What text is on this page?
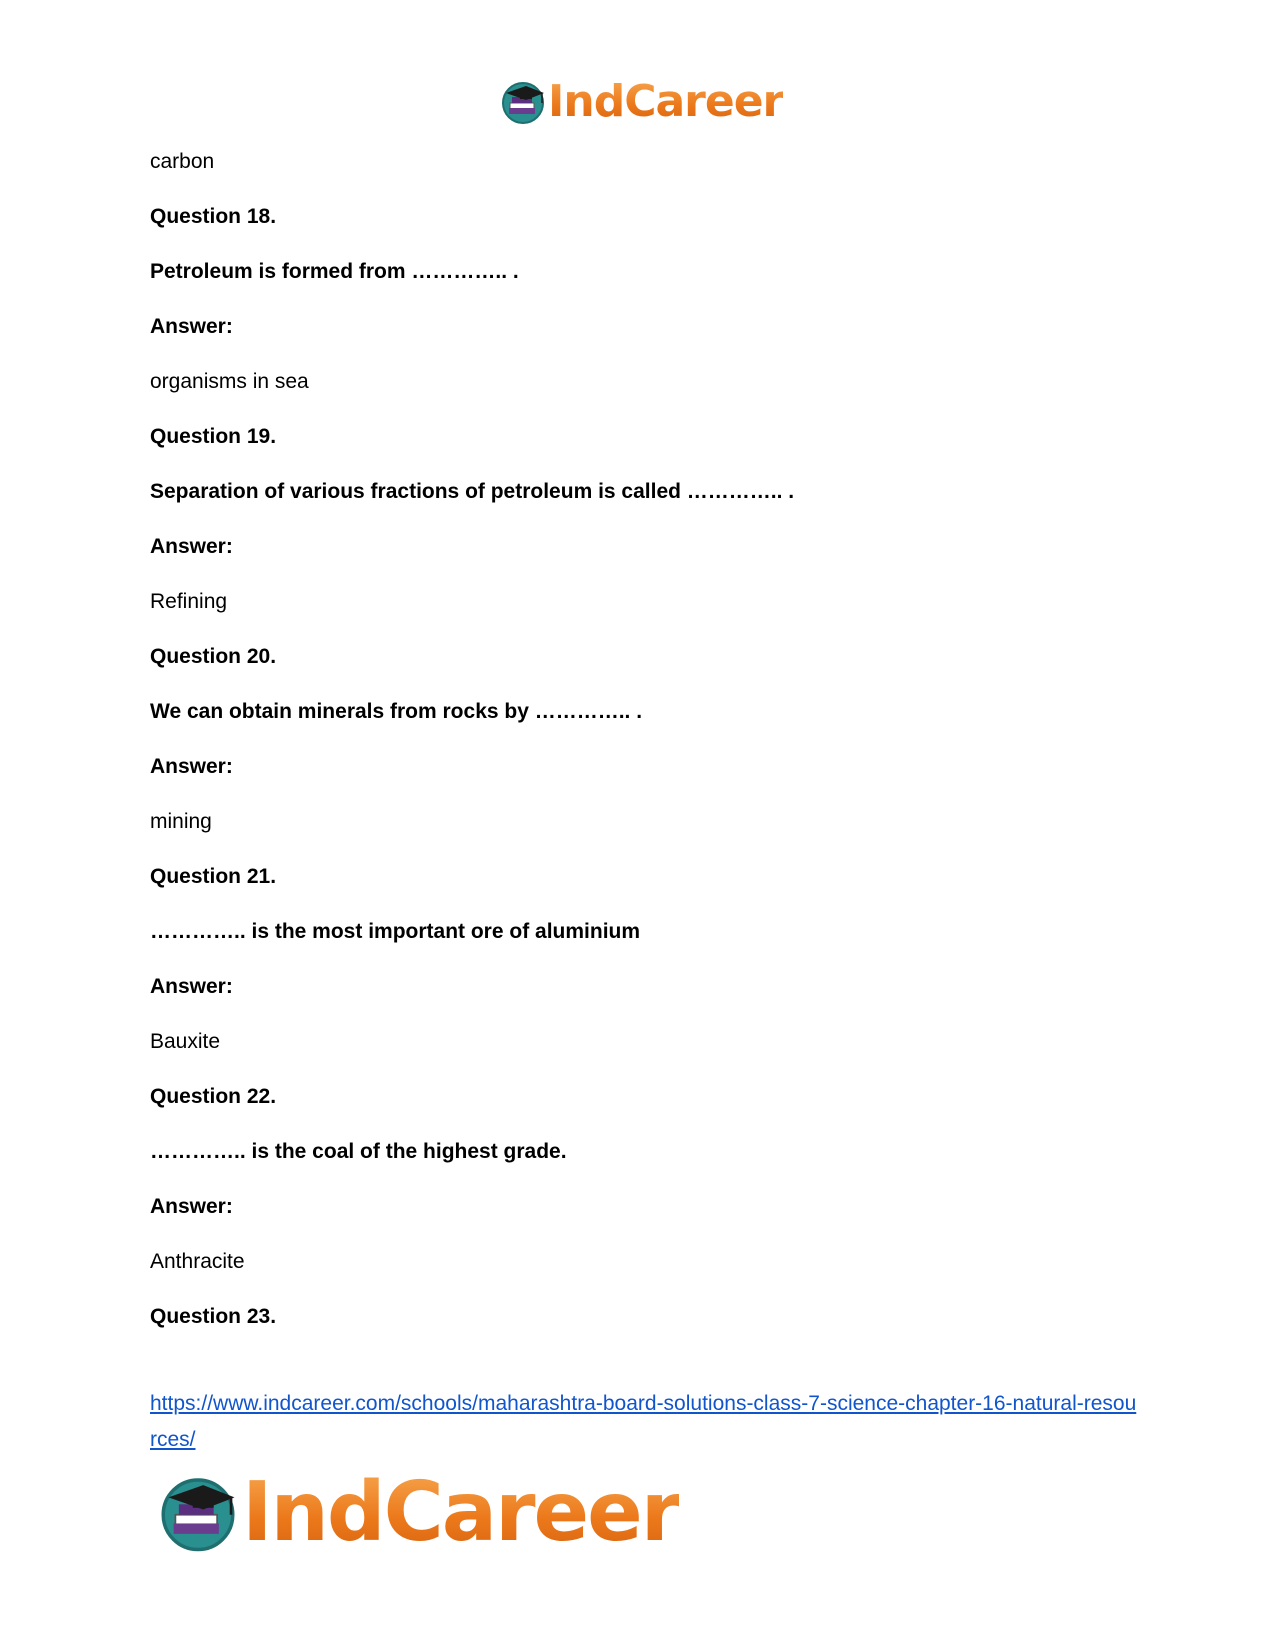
IndCareer
carbon
Question 18.
Petroleum is formed from ………….. .
Answer:
organisms in sea
Question 19.
Separation of various fractions of petroleum is called ………….. .
Answer:
Refining
Question 20.
We can obtain minerals from rocks by ………….. .
Answer:
mining
Question 21.
………….. is the most important ore of aluminium
Answer:
Bauxite
Question 22.
………….. is the coal of the highest grade.
Answer:
Anthracite
Question 23.
https://www.indcareer.com/schools/maharashtra-board-solutions-class-7-science-chapter-16-natural-resources/
IndCareer
